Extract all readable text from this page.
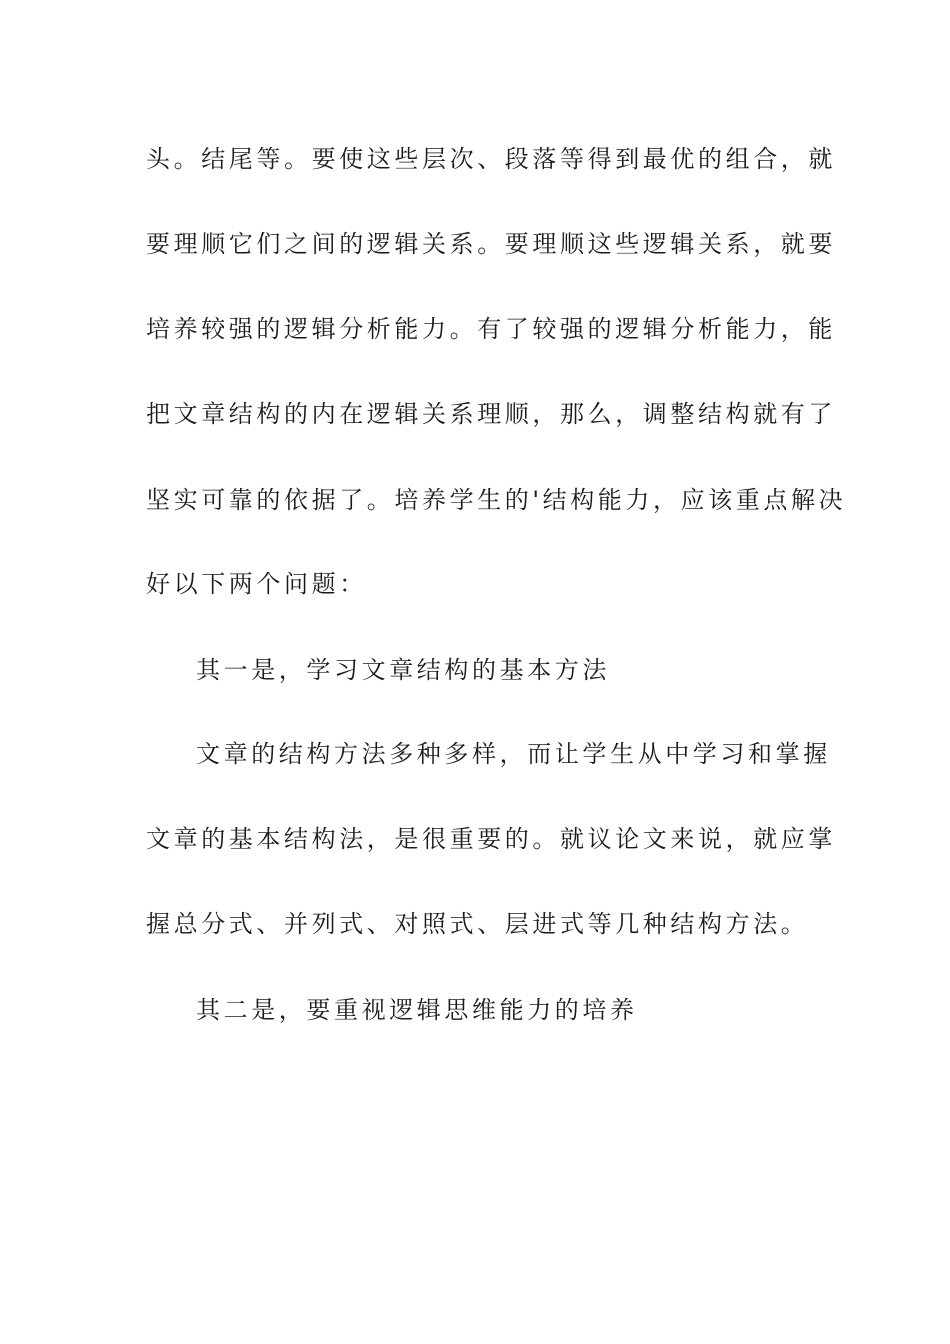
头。结尾等。要使这些层次、段落等得到最优的组合，就

要理顺它们之间的逻辑关系。要理顺这些逻辑关系，就要

培养较强的逻辑分析能力。有了较强的逻辑分析能力，能

把文章结构的内在逻辑关系理顺，那么，调整结构就有了

坚实可靠的依据了。培养学生的'结构能力，应该重点解决

好以下两个问题：

其一是，学习文章结构的基本方法

文章的结构方法多种多样，而让学生从中学习和掌握

文章的基本结构法，是很重要的。就议论文来说，就应掌

握总分式、并列式、对照式、层进式等几种结构方法。

其二是，要重视逻辑思维能力的培养
